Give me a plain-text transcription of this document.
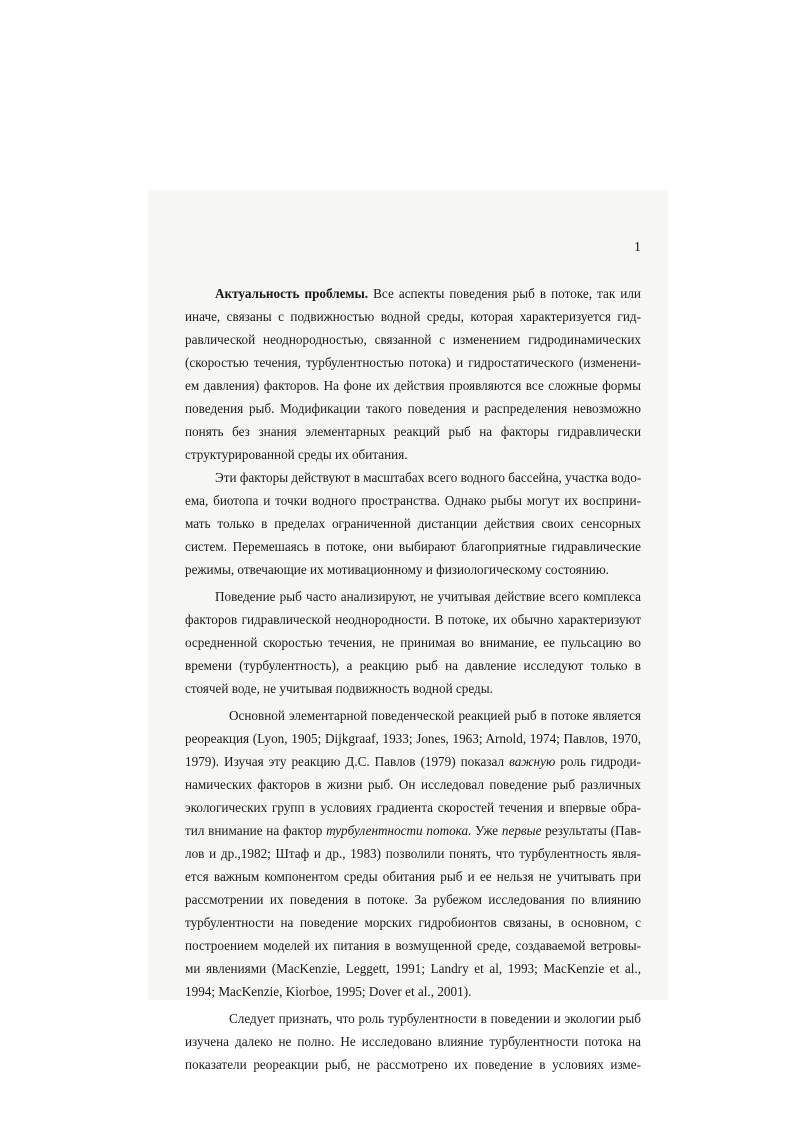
1
Актуальность проблемы. Все аспекты поведения рыб в потоке, так или
иначе, связаны с подвижностью водной среды, которая характеризуется гид-
равлической неоднородностью, связанной с изменением гидродинамических
(скоростью течения, турбулентностью потока) и гидростатического (изменени-
ем давления) факторов. На фоне их действия проявляются все сложные формы
поведения рыб. Модификации такого поведения и распределения невозможно
понять без знания элементарных реакций рыб на факторы гидравлически
структурированной среды их обитания.
Эти факторы действуют в масштабах всего водного бассейна, участка водо-
ема, биотопа и точки водного пространства. Однако рыбы могут их восприни-
мать только в пределах ограниченной дистанции действия своих сенсорных
систем. Перемешаясь в потоке, они выбирают благоприятные гидравлические
режимы, отвечающие их мотивационному и физиологическому состоянию.
Поведение рыб часто анализируют, не учитывая действие всего комплекса
факторов гидравлической неоднородности. В потоке, их обычно характеризуют
осредненной скоростью течения, не принимая во внимание, ее пульсацию во
времени (турбулентность), а реакцию рыб на давление исследуют только в
стоячей воде, не учитывая подвижность водной среды.
Основной элементарной поведенческой реакцией рыб в потоке является
реореакция (Lyon, 1905; Dijkgraaf, 1933; Jones, 1963; Arnold, 1974; Павлов, 1970,
1979). Изучая эту реакцию Д.С. Павлов (1979) показал важную роль гидроди-
намических факторов в жизни рыб. Он исследовал поведение рыб различных
экологических групп в условиях градиента скоростей течения и впервые обра-
тил внимание на фактор турбулентности потока. Уже первые результаты (Пав-
лов и др.,1982; Штаф и др., 1983) позволили понять, что турбулентность явля-
ется важным компонентом среды обитания рыб и ее нельзя не учитывать при
рассмотрении их поведения в потоке. За рубежом исследования по влиянию
турбулентности на поведение морских гидробионтов связаны, в основном, с
построением моделей их питания в возмущенной среде, создаваемой ветровы-
ми явлениями (MacKenzie, Leggett, 1991; Landry et al, 1993; MacKenzie et al.,
1994; MacKenzie, Kiorboe, 1995; Dover et al., 2001).
Следует признать, что роль турбулентности в поведении и экологии рыб
изучена далеко не полно. Не исследовано влияние турбулентности потока на
показатели реореакции рыб, не рассмотрено их поведение в условиях изме-
